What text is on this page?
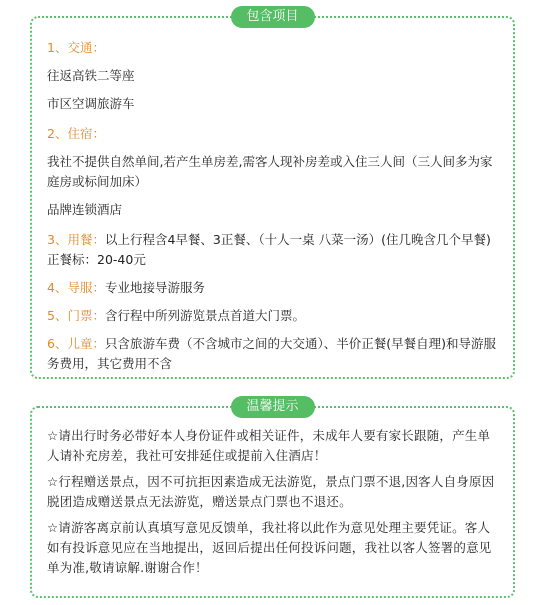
包含项目
1、交通：
往返高铁二等座
市区空调旅游车
2、住宿：
我社不提供自然单间,若产生单房差,需客人现补房差或入住三人间（三人间多为家庭房或标间加床）
品牌连锁酒店
3、用餐：以上行程含4早餐、3正餐、（十人一桌 八菜一汤）(住几晚含几个早餐) 正餐标：20-40元
4、导服：专业地接导游服务
5、门票：含行程中所列游览景点首道大门票。
6、儿童：只含旅游车费（不含城市之间的大交通）、半价正餐(早餐自理)和导游服务费用，其它费用不含
温馨提示
☆请出行时务必带好本人身份证件或相关证件，未成年人要有家长跟随，产生单人请补充房差，我社可安排延住或提前入住酒店！
☆行程赠送景点，因不可抗拒因素造成无法游览，景点门票不退,因客人自身原因脱团造成赠送景点无法游览，赠送景点门票也不退还。
☆请游客离京前认真填写意见反馈单，我社将以此作为意见处理主要凭证。客人如有投诉意见应在当地提出，返回后提出任何投诉问题，我社以客人签署的意见单为准,敬请谅解.谢谢合作！
